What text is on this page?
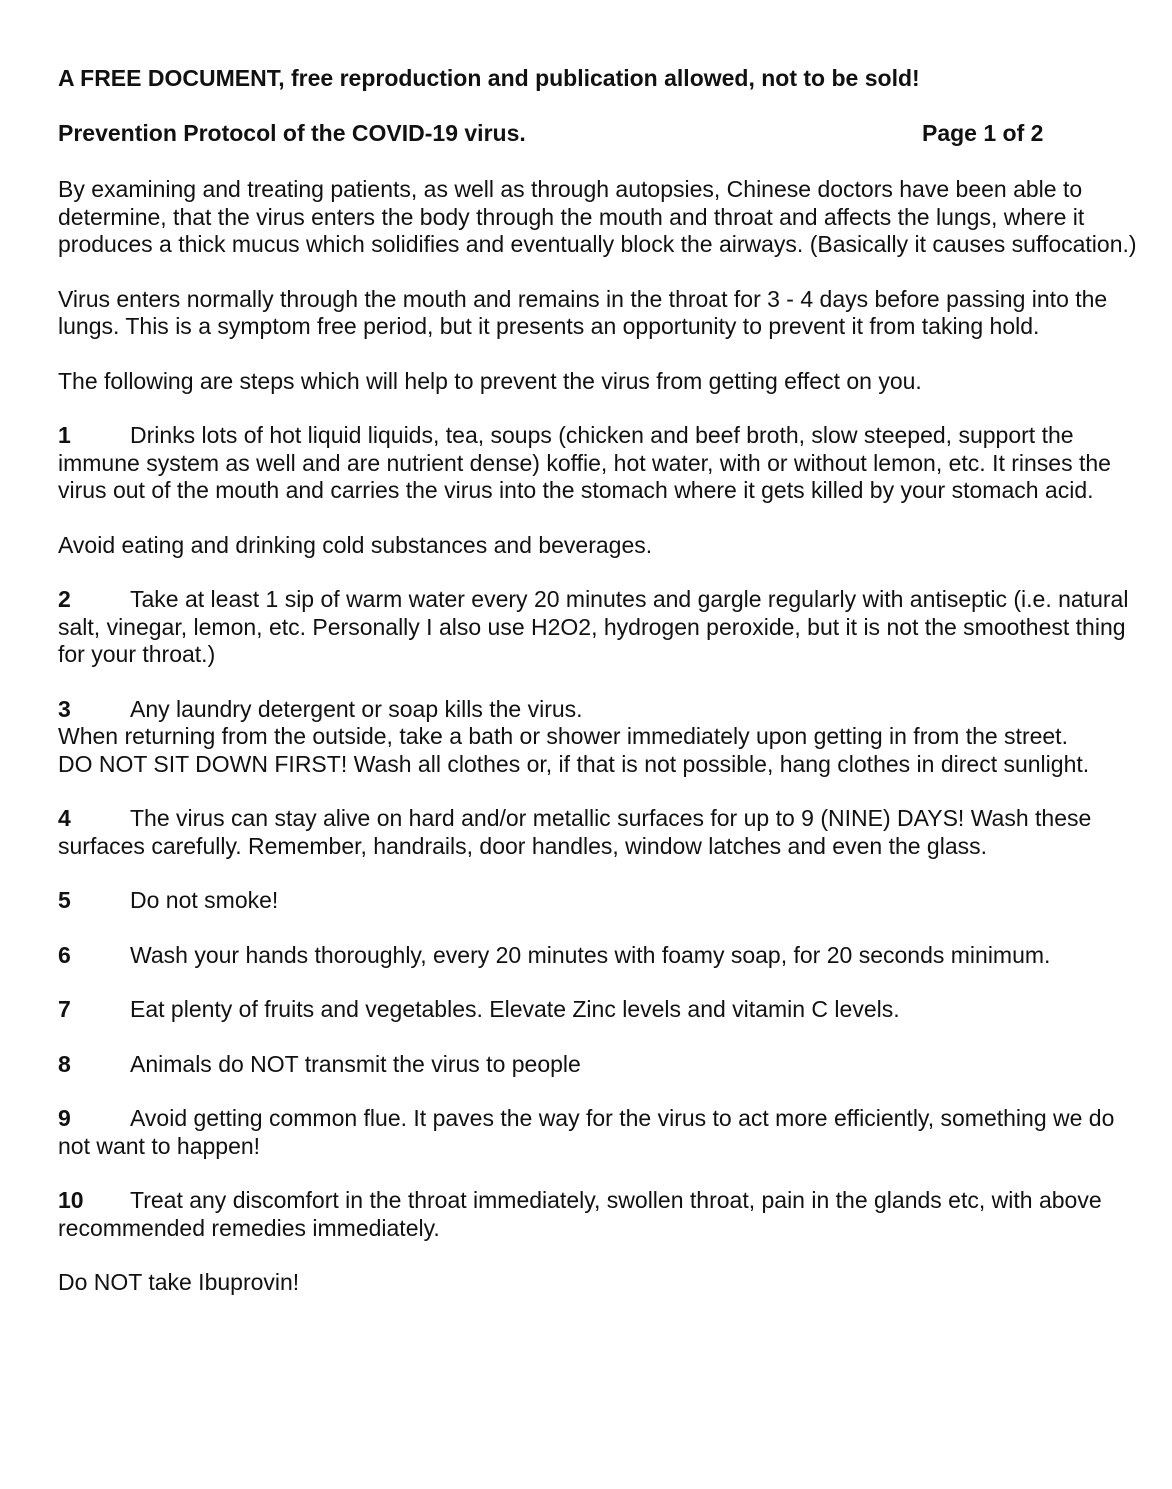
A FREE DOCUMENT, free reproduction and publication allowed, not to be sold!
Prevention Protocol of the COVID-19 virus.	Page 1 of 2

By examining and treating patients, as well as through autopsies, Chinese doctors have been able to determine, that the virus enters the body through the mouth and throat and affects the lungs, where it produces a thick mucus which solidifies and eventually block the airways. (Basically it causes suffocation.)

Virus enters normally through the mouth and remains in the throat for 3 - 4 days before passing into the lungs. This is a symptom free period, but it presents an opportunity to prevent it from taking hold.

The following are steps which will help to prevent the virus from getting effect on you.

1	Drinks lots of hot liquid liquids, tea, soups (chicken and beef broth, slow steeped, support the immune system as well and are nutrient dense) koffie, hot water, with or without lemon, etc. It rinses the virus out of the mouth and carries the virus into the stomach where it gets killed by your stomach acid.

Avoid eating and drinking cold substances and beverages.

2	Take at least 1 sip of warm water every 20 minutes and gargle regularly with antiseptic (i.e. natural salt, vinegar, lemon, etc. Personally I also use H2O2, hydrogen peroxide, but it is not the smoothest thing for your throat.)

3	Any laundry detergent or soap kills the virus.
When returning from the outside, take a bath or shower immediately upon getting in from the street.
DO NOT SIT DOWN FIRST! Wash all clothes or, if that is not possible, hang clothes in direct sunlight.

4	The virus can stay alive on hard and/or metallic surfaces for up to 9 (NINE) DAYS! Wash these surfaces carefully. Remember, handrails, door handles, window latches and even the glass.

5	Do not smoke!

6	Wash your hands thoroughly, every 20 minutes with foamy soap, for 20 seconds minimum.

7	Eat plenty of fruits and vegetables. Elevate Zinc levels and vitamin C levels.

8	Animals do NOT transmit the virus to people

9	Avoid getting common flue. It paves the way for the virus to act more efficiently, something we do not want to happen!

10 Treat any discomfort in the throat immediately, swollen throat, pain in the glands etc, with above recommended remedies immediately.

Do NOT take Ibuprovin!
